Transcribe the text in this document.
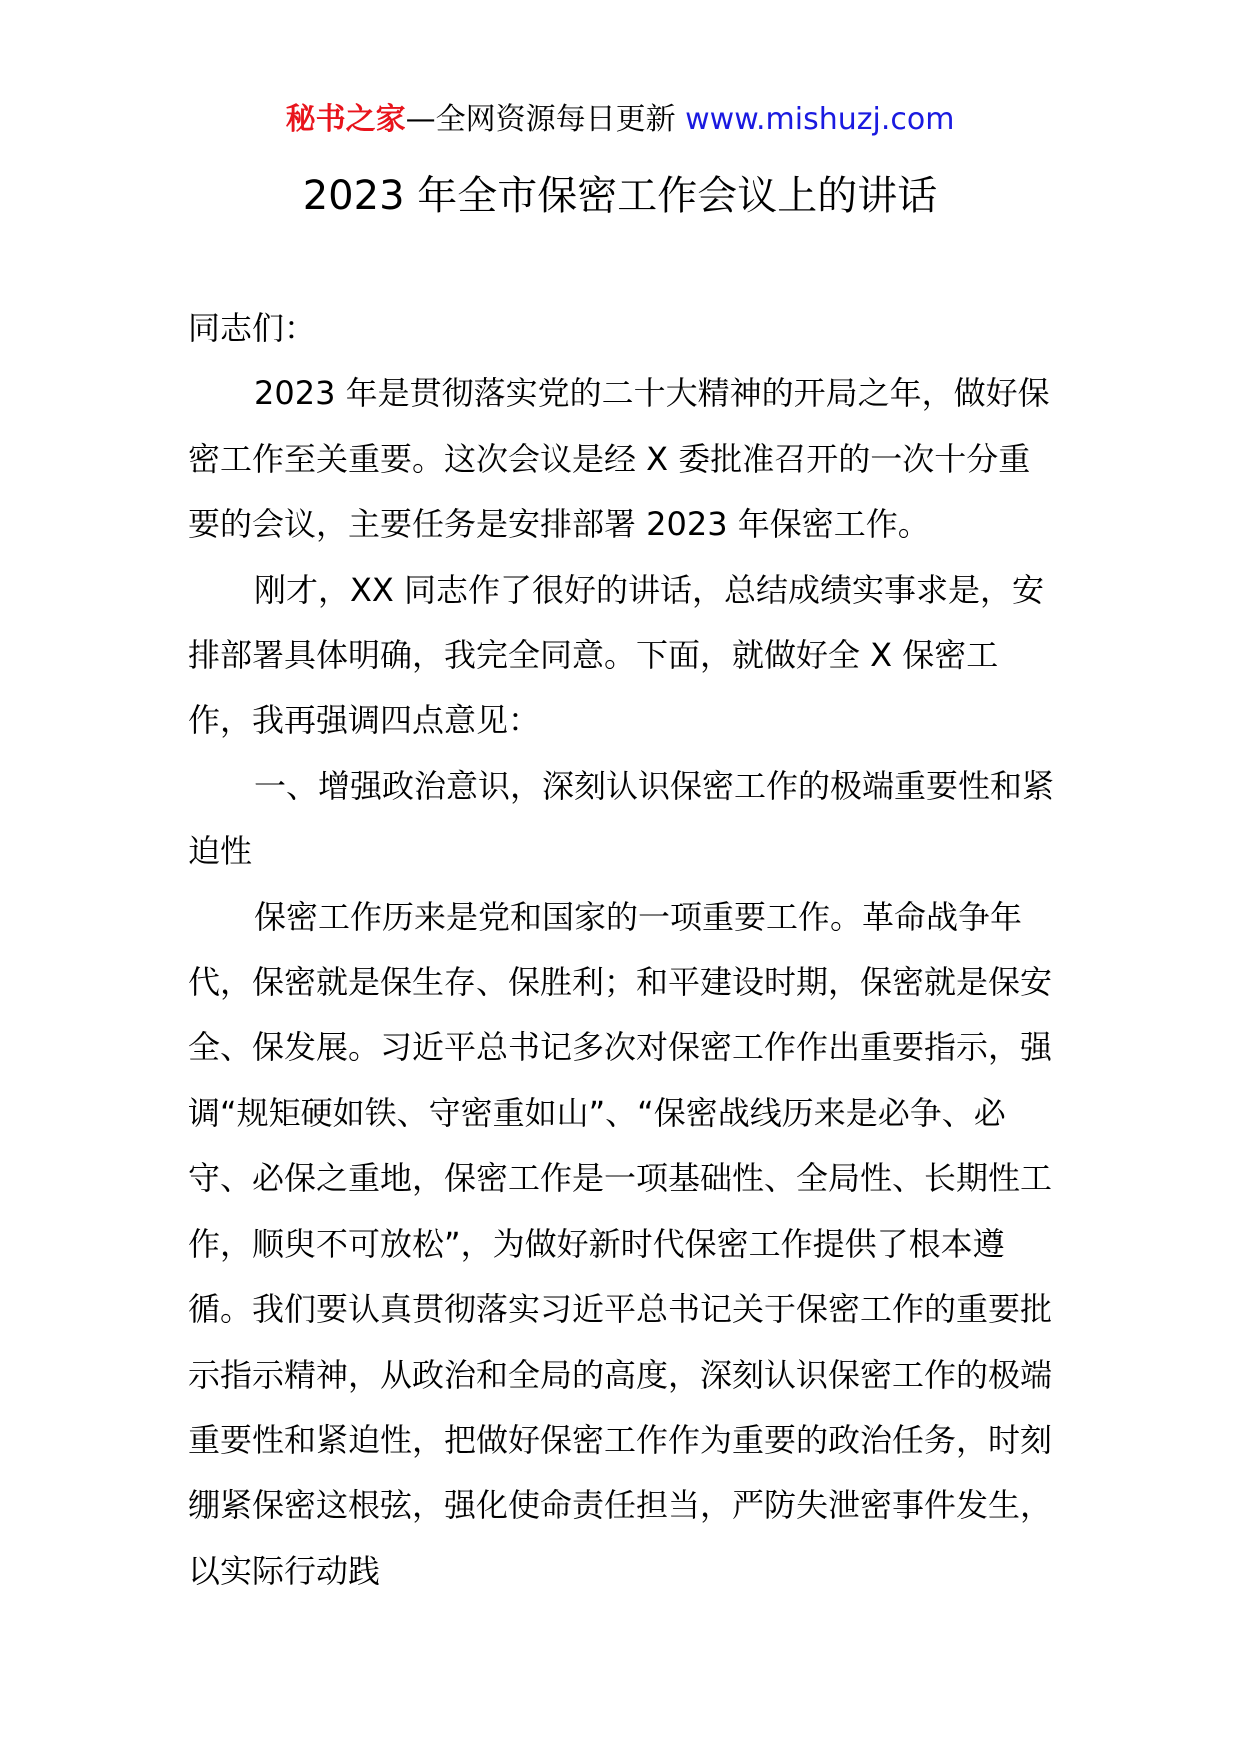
秘书之家—全网资源每日更新 www.mishuzj.com
2023 年全市保密工作会议上的讲话

同志们：

2023 年是贯彻落实党的二十大精神的开局之年，做好保密工作至关重要。这次会议是经 X 委批准召开的一次十分重要的会议，主要任务是安排部署 2023 年保密工作。

刚才，XX 同志作了很好的讲话，总结成绩实事求是，安排部署具体明确，我完全同意。下面，就做好全 X 保密工作，我再强调四点意见：

一、增强政治意识，深刻认识保密工作的极端重要性和紧迫性

保密工作历来是党和国家的一项重要工作。革命战争年代，保密就是保生存、保胜利；和平建设时期，保密就是保安全、保发展。习近平总书记多次对保密工作作出重要指示，强调“规矩硬如铁、守密重如山”、“保密战线历来是必争、必守、必保之重地，保密工作是一项基础性、全局性、长期性工作，顺臾不可放松”，为做好新时代保密工作提供了根本遵循。我们要认真贯彻落实习近平总书记关于保密工作的重要批示指示精神，从政治和全局的高度，深刻认识保密工作的极端重要性和紧迫性，把做好保密工作作为重要的政治任务，时刻绷紧保密这根弦，强化使命责任担当，严防失泄密事件发生，以实际行动践
